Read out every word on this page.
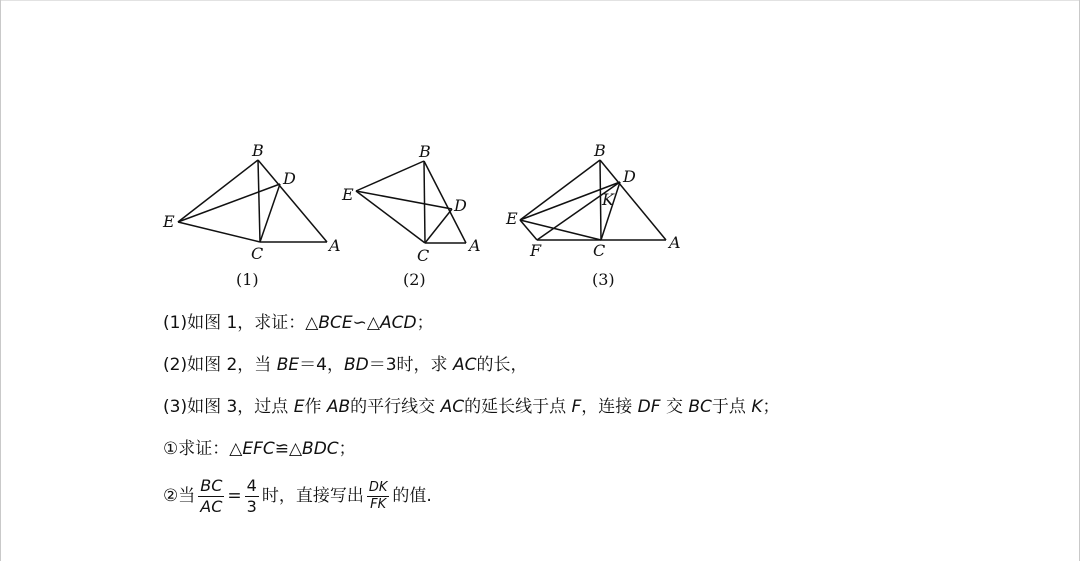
B
D
E
C	A
(1)
B
E
D
C
A
(2)
B
D
K
E
F	C	A
(3)
(1)如图 1，求证：△BCE∽△ACD；
(2)如图 2，当 BE＝4，BD＝3时，求 AC的长，
(3)如图 3，过点 E作 AB的平行线交 AC的延长线于点 F，连接 DF 交 BC于点 K；
①求证：△EFC≌△BDC；
②当 $\frac{BC}{AC} = \frac{4}{3}$ 时，直接写出 $\frac{DK}{FK}$ 的值.
